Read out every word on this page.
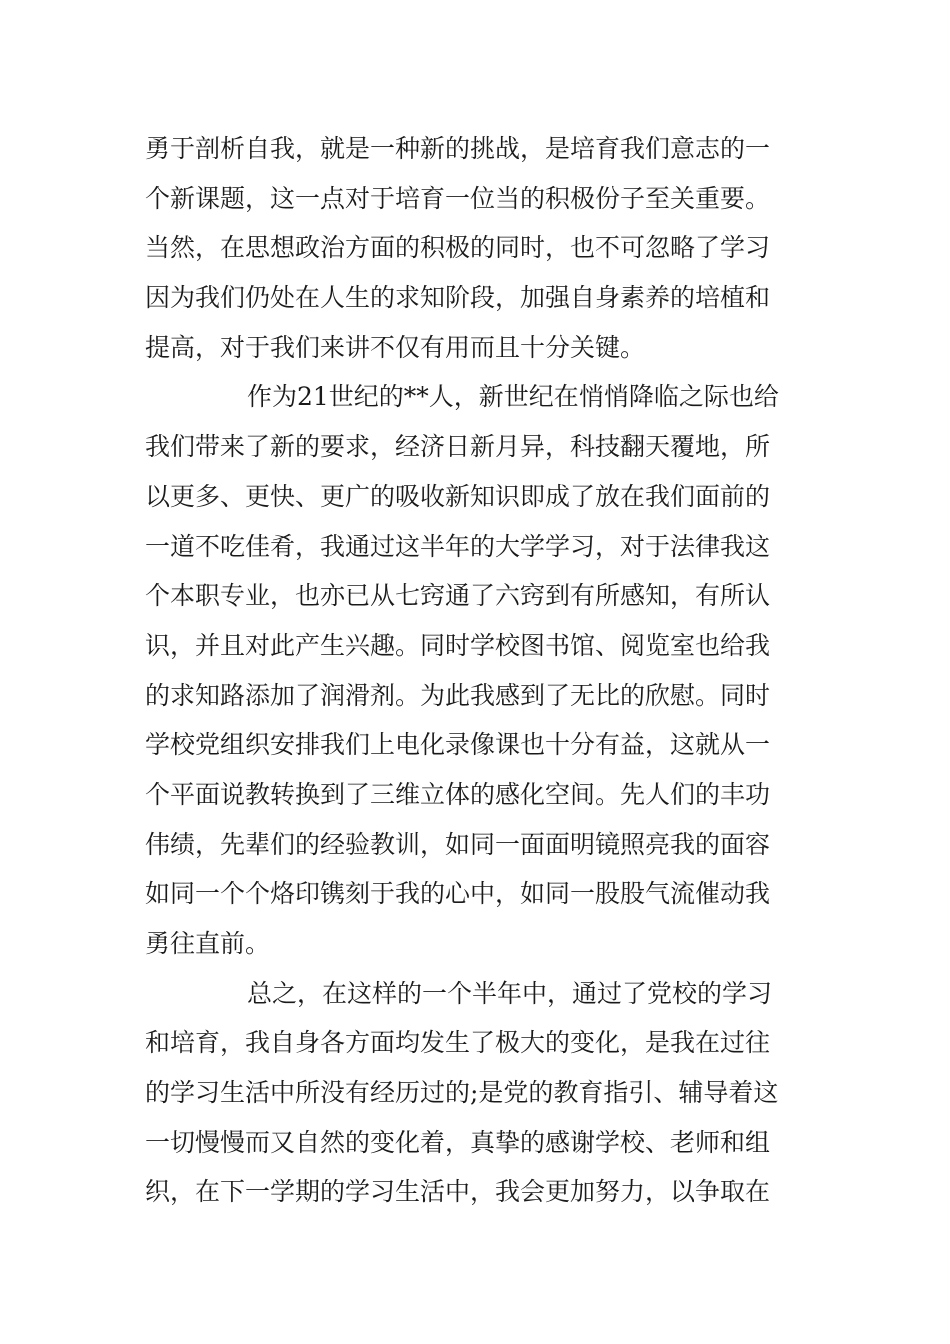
勇于剖析自我，就是一种新的挑战，是培育我们意志的一
个新课题，这一点对于培育一位当的积极份子至关重要。
当然，在思想政治方面的积极的同时，也不可忽略了学习
因为我们仍处在人生的求知阶段，加强自身素养的培植和
提高，对于我们来讲不仅有用而且十分关键。
作为21世纪的**人，新世纪在悄悄降临之际也给
我们带来了新的要求，经济日新月异，科技翻天覆地，所
以更多、更快、更广的吸收新知识即成了放在我们面前的
一道不吃佳肴，我通过这半年的大学学习，对于法律我这
个本职专业，也亦已从七窍通了六窍到有所感知，有所认
识，并且对此产生兴趣。同时学校图书馆、阅览室也给我
的求知路添加了润滑剂。为此我感到了无比的欣慰。同时
学校党组织安排我们上电化录像课也十分有益，这就从一
个平面说教转换到了三维立体的感化空间。先人们的丰功
伟绩，先辈们的经验教训，如同一面面明镜照亮我的面容
如同一个个烙印镌刻于我的心中，如同一股股气流催动我
勇往直前。
总之，在这样的一个半年中，通过了党校的学习
和培育，我自身各方面均发生了极大的变化，是我在过往
的学习生活中所没有经历过的;是党的教育指引、辅导着这
一切慢慢而又自然的变化着，真挚的感谢学校、老师和组
织，在下一学期的学习生活中，我会更加努力，以争取在
